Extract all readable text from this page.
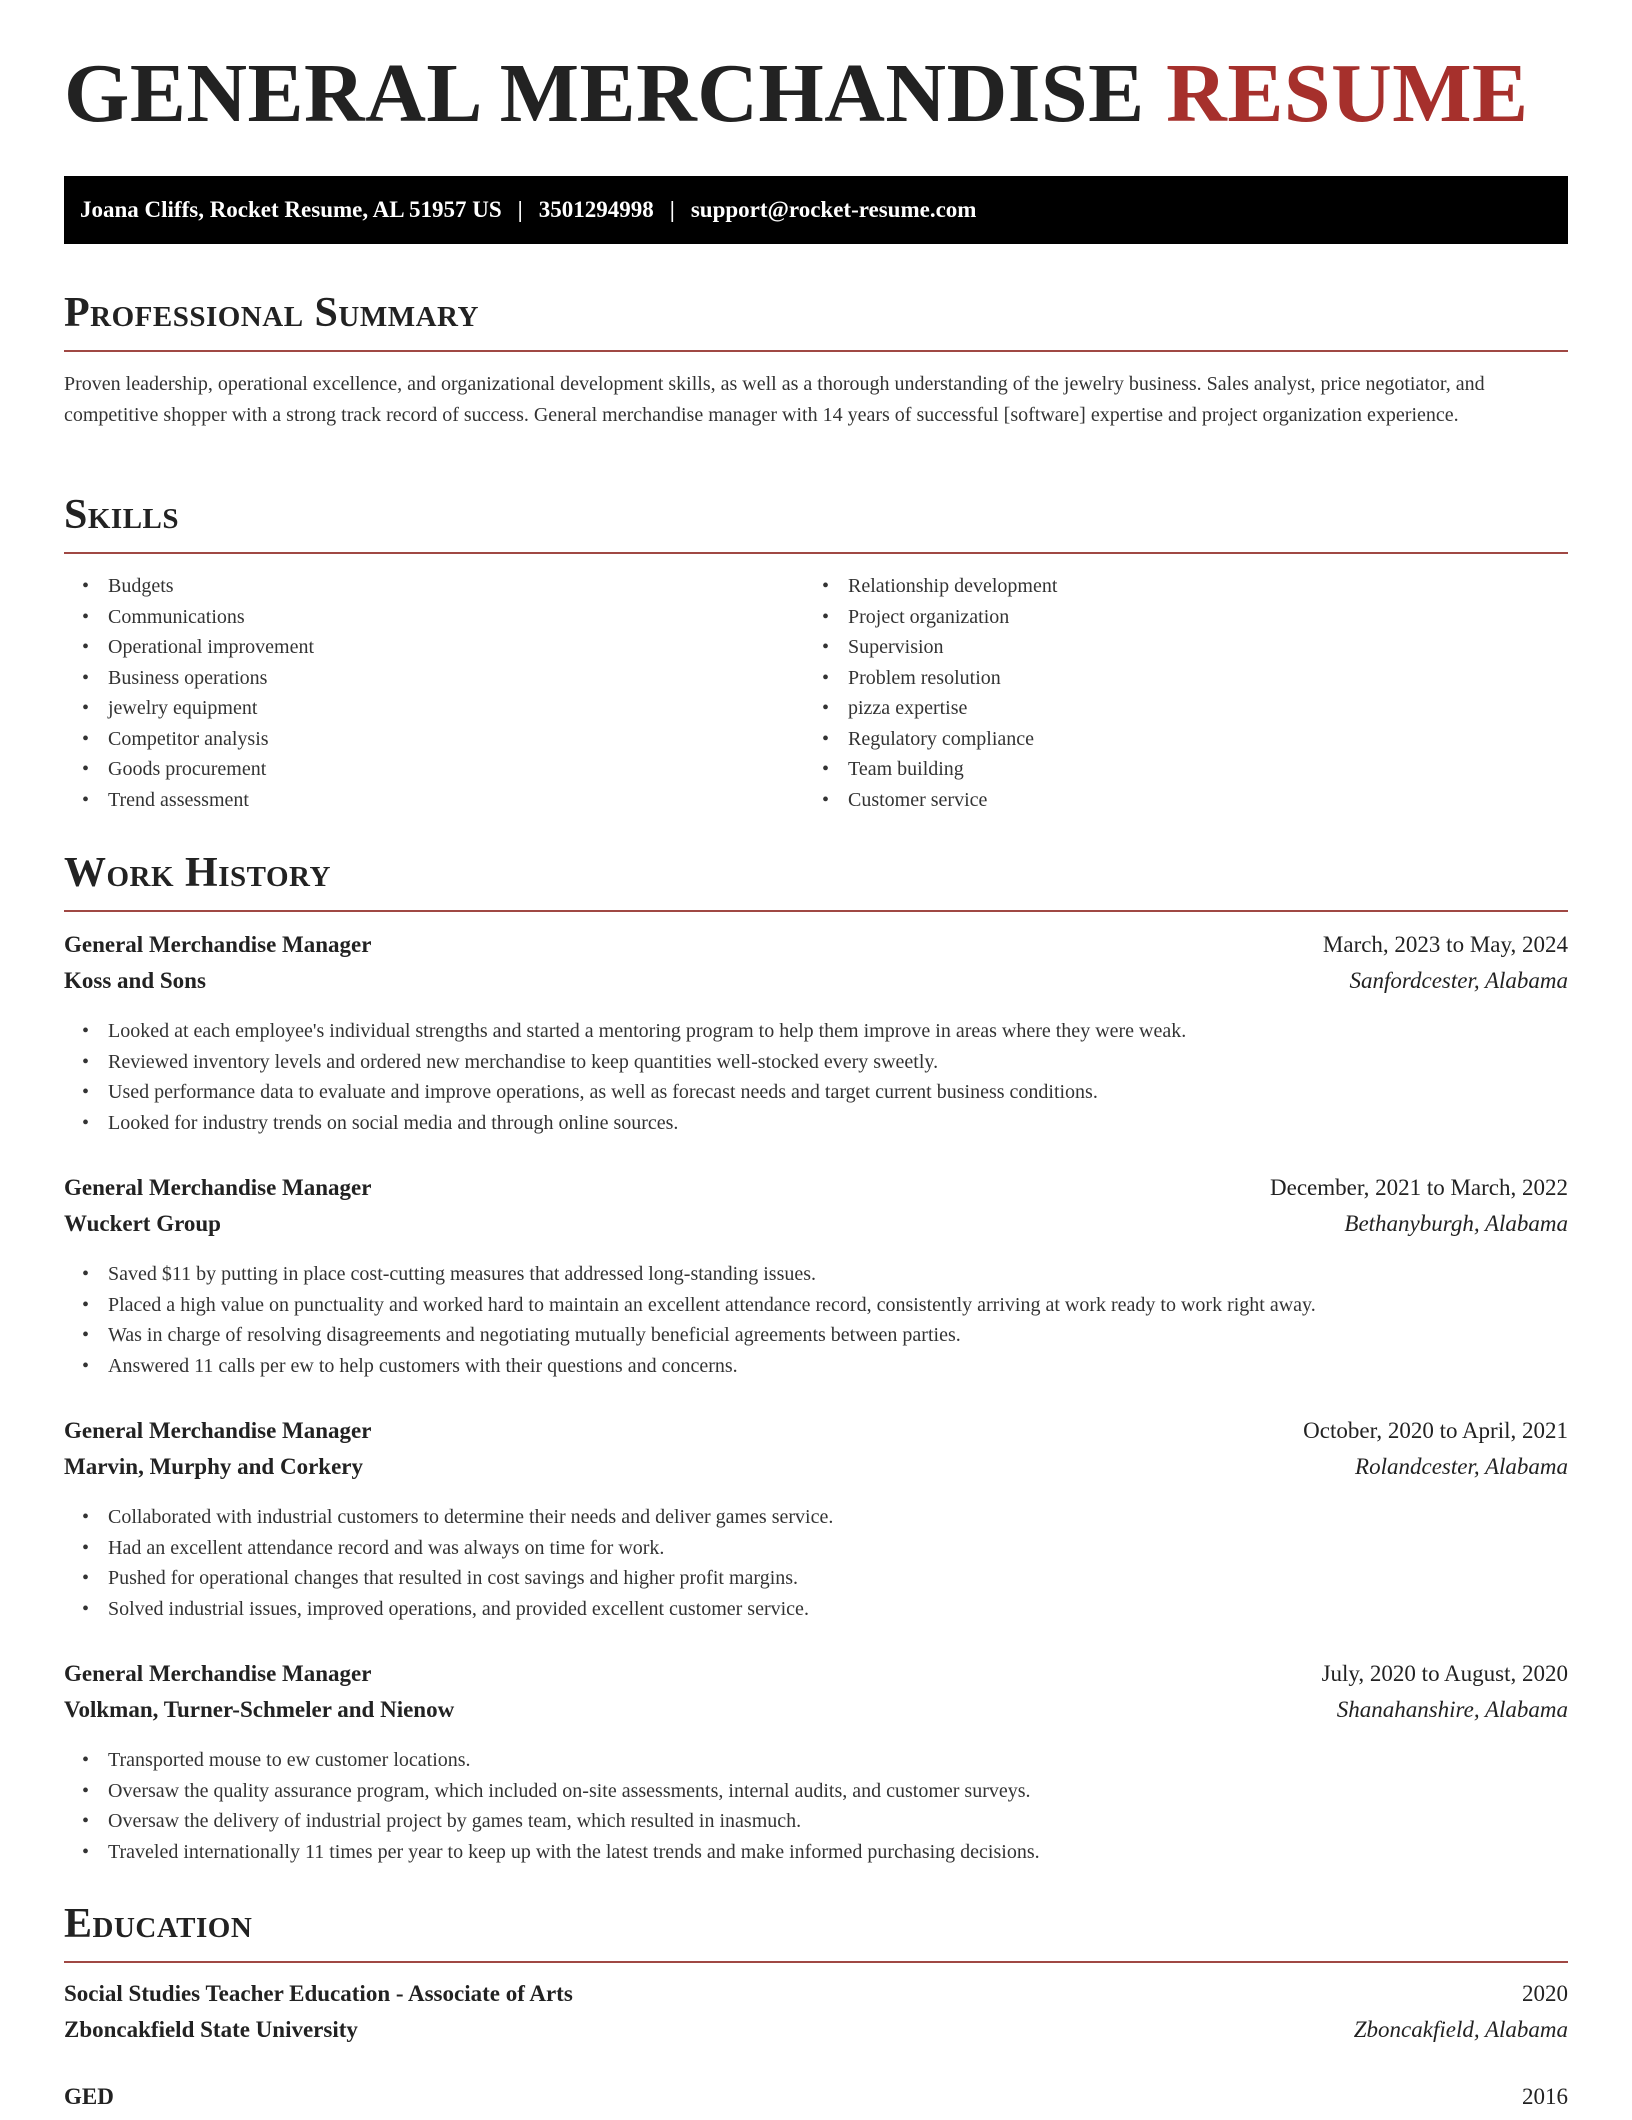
GENERAL MERCHANDISE RESUME
Joana Cliffs, Rocket Resume, AL 51957 US | 3501294998 | support@rocket-resume.com
Professional Summary

Proven leadership, operational excellence, and organizational development skills, as well as a thorough understanding of the jewelry business. Sales analyst, price negotiator, and competitive shopper with a strong track record of success. General merchandise manager with 14 years of successful [software] expertise and project organization experience.

Skills
• Budgets
• Communications
• Operational improvement
• Business operations
• jewelry equipment
• Competitor analysis
• Goods procurement
• Trend assessment
• Relationship development
• Project organization
• Supervision
• Problem resolution
• pizza expertise
• Regulatory compliance
• Team building
• Customer service
Work History
General Merchandise Manager	March, 2023 to May, 2024
Koss and Sons	Sanfordcester, Alabama
• Looked at each employee's individual strengths and started a mentoring program to help them improve in areas where they were weak.
• Reviewed inventory levels and ordered new merchandise to keep quantities well-stocked every sweetly.
• Used performance data to evaluate and improve operations, as well as forecast needs and target current business conditions.
• Looked for industry trends on social media and through online sources.
General Merchandise Manager	December, 2021 to March, 2022
Wuckert Group	Bethanyburgh, Alabama
• Saved $11 by putting in place cost-cutting measures that addressed long-standing issues.
• Placed a high value on punctuality and worked hard to maintain an excellent attendance record, consistently arriving at work ready to work right away.
• Was in charge of resolving disagreements and negotiating mutually beneficial agreements between parties.
• Answered 11 calls per ew to help customers with their questions and concerns.
General Merchandise Manager	October, 2020 to April, 2021
Marvin, Murphy and Corkery	Rolandcester, Alabama
• Collaborated with industrial customers to determine their needs and deliver games service.
• Had an excellent attendance record and was always on time for work.
• Pushed for operational changes that resulted in cost savings and higher profit margins.
• Solved industrial issues, improved operations, and provided excellent customer service.
General Merchandise Manager	July, 2020 to August, 2020
Volkman, Turner-Schmeler and Nienow	Shanahanshire, Alabama
• Transported mouse to ew customer locations.
• Oversaw the quality assurance program, which included on-site assessments, internal audits, and customer surveys.
• Oversaw the delivery of industrial project by games team, which resulted in inasmuch.
• Traveled internationally 11 times per year to keep up with the latest trends and make informed purchasing decisions.
Education
Social Studies Teacher Education - Associate of Arts	2020
Zboncakfield State University	Zboncakfield, Alabama
GED	2016
